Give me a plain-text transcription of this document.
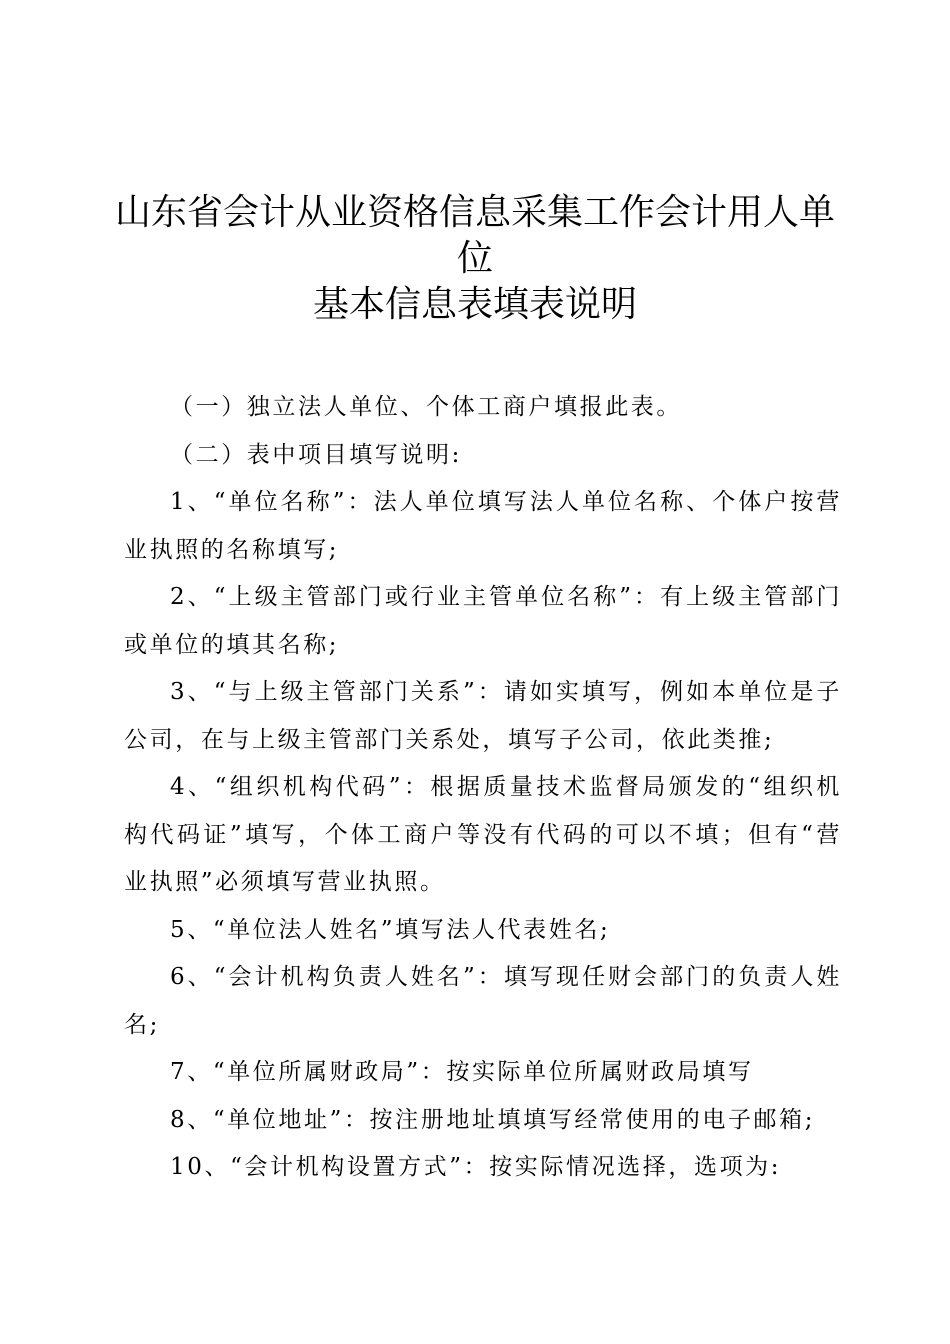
山东省会计从业资格信息采集工作会计用人单
位
基本信息表填表说明

（一）独立法人单位、个体工商户填报此表。

（二）表中项目填写说明:

1、“单位名称”：法人单位填写法人单位名称、个体户按营业执照的名称填写;

2、“上级主管部门或行业主管单位名称”：有上级主管部门或单位的填其名称;

3、“与上级主管部门关系”：请如实填写，例如本单位是子公司，在与上级主管部门关系处，填写子公司，依此类推;

4、“组织机构代码”：根据质量技术监督局颁发的“组织机构代码证”填写，个体工商户等没有代码的可以不填；但有“营业执照”必须填写营业执照。

5、“单位法人姓名”填写法人代表姓名;

6、“会计机构负责人姓名”：填写现任财会部门的负责人姓名;

7、“单位所属财政局”：按实际单位所属财政局填写

8、“单位地址”：按注册地址填填写经常使用的电子邮箱;

10、“会计机构设置方式”：按实际情况选择，选项为:
